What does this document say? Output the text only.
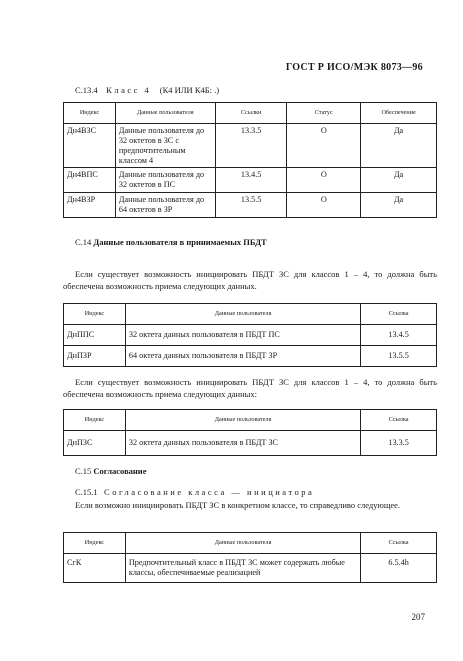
ГОСТ Р ИСО/МЭК 8073—96
С.13.4 Класс 4 (К4 ИЛИ К4Б: .)
Индекс	Данные пользователя	Ссылки	Статус	Обеспечение
Дн4ВЗС	Данные пользователя до 32 октетов в ЗС с предпочтительным классом 4	13.3.5	О	Да
Дн4ВПС	Данные пользователя до 32 октетов в ПС	13.4.5	О	Да
Дн4ВЗР	Данные пользователя до 64 октетов в ЗР	13.5.5	О	Да
С.14 Данные пользователя в принимаемых ПБДТ
Если существует возможность инициировать ПБДТ ЗС для классов 1 – 4, то должна быть обеспечена возможность приема следующих данных.
Индекс	Данные пользователя	Ссылка
ДнППС	32 октета данных пользователя в ПБДТ ПС	13.4.5
ДнПЗР	64 октета данных пользователя в ПБДТ ЗР	13.5.5
Если существует возможность инициировать ПБДТ ЗС для классов 1 – 4, то должна быть обеспечена возможность приема следующих данных:
Индекс	Данные пользователя	Ссылка
ДнПЗС	32 октета данных пользователя в ПБДТ ЗС	13.3.5
С.15 Согласование
С.15.1 Согласование класса — инициатора
Если возможно инициировать ПБДТ ЗС в конкретном классе, то справедливо следующее.
Индекс	Данные пользователя	Ссылка
СгК	Предпочтительный класс в ПБДТ ЗС может содержать любые классы, обеспечиваемые реализацией	6.5.4h
207
